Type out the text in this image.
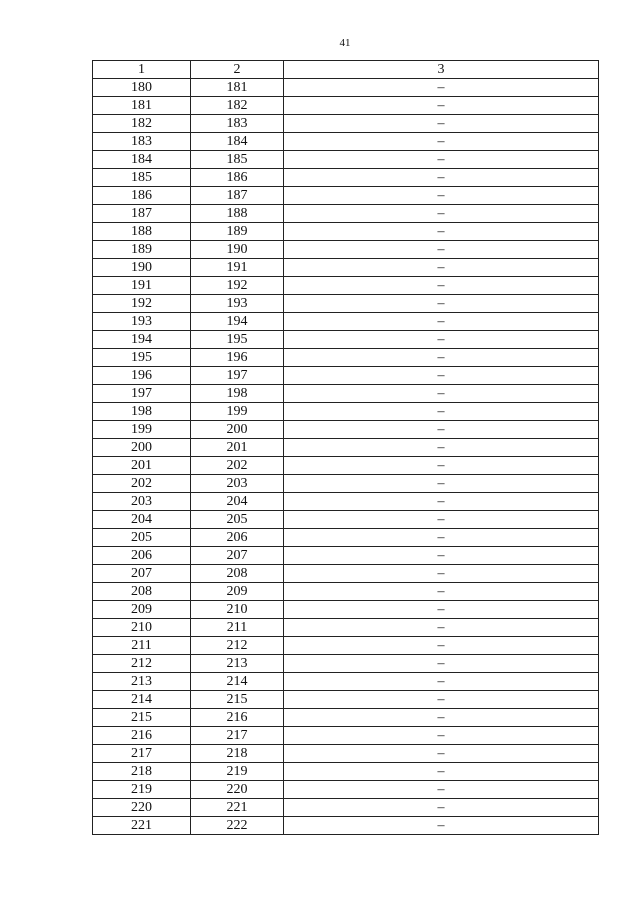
41
1	2	3
180	181	–
181	182	–
182	183	–
183	184	–
184	185	–
185	186	–
186	187	–
187	188	–
188	189	–
189	190	–
190	191	–
191	192	–
192	193	–
193	194	–
194	195	–
195	196	–
196	197	–
197	198	–
198	199	–
199	200	–
200	201	–
201	202	–
202	203	–
203	204	–
204	205	–
205	206	–
206	207	–
207	208	–
208	209	–
209	210	–
210	211	–
211	212	–
212	213	–
213	214	–
214	215	–
215	216	–
216	217	–
217	218	–
218	219	–
219	220	–
220	221	–
221	222	–
